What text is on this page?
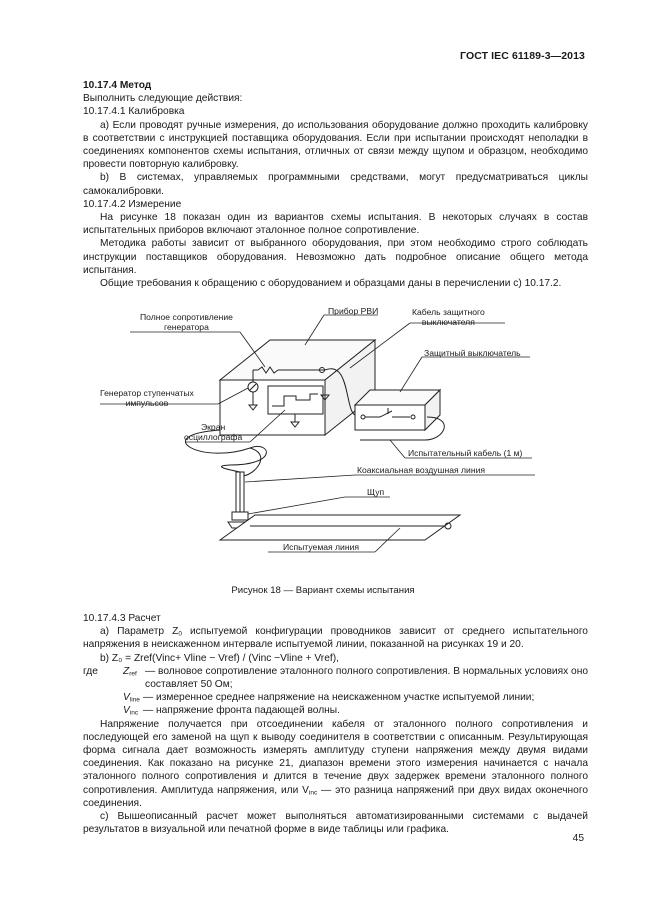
ГОСТ IEC 61189-3—2013

10.17.4 Метод

Выполнить следующие действия:

10.17.4.1 Калибровка

а) Если проводят ручные измерения, до использования оборудование должно проходить калибровку в соответствии с инструкцией поставщика оборудования. Если при испытании происходят неполадки в соединениях компонентов схемы испытания, отличных от связи между щупом и образцом, необходимо провести повторную калибровку.

b) В системах, управляемых программными средствами, могут предусматриваться циклы самокалибровки.

10.17.4.2 Измерение

На рисунке 18 показан один из вариантов схемы испытания. В некоторых случаях в состав испытательных приборов включают эталонное полное сопротивление.

Методика работы зависит от выбранного оборудования, при этом необходимо строго соблюдать инструкции поставщиков оборудования. Невозможно дать подробное описание общего метода испытания.

Общие требования к обращению с оборудованием и образцами даны в перечислении с) 10.17.2.

Полное сопротивление
генератора
Прибор РВИ	Кабель защитного
выключателя
Защитный выключатель
Генератор ступенчатых
импульсов
Экран
осциллографа
Испытательный кабель (1 м)
Коаксиальная воздушная линия
Щуп
Испытуемая линия
Рисунок 18 — Вариант схемы испытания

10.17.4.3 Расчет

a) Параметр $Z_0$ испытуемой конфигурации проводников зависит от среднего испытательного напряжения в неискаженном интервале испытуемой линии, показанной на рисунках 19 и 20.

b) Z₀ = Zref(Vinc+ Vline − Vref) / (Vinc −Vline + Vref),

где	$Z_{ref}$ — волновое сопротивление эталонного полного сопротивления. В нормальных условиях оно составляет 50 Ом;
$V_{line}$ — измеренное среднее напряжение на неискаженном участке испытуемой линии;
$V_{inc}$ — напряжение фронта падающей волны.

Напряжение получается при отсоединении кабеля от эталонного полного сопротивления и последующей его заменой на щуп к выводу соединителя в соответствии с описанным. Результирующая форма сигнала дает возможность измерять амплитуду ступени напряжения между двумя видами соединения. Как показано на рисунке 21, диапазон времени этого измерения начинается с начала эталонного полного сопротивления и длится в течение двух задержек времени эталонного полного сопротивления. Амплитуда напряжения, или $V_{inc}$ — это разница напряжений при двух видах оконечного соединения.

с) Вышеописанный расчет может выполняться автоматизированными системами с выдачей результатов в визуальной или печатной форме в виде таблицы или графика.

45
